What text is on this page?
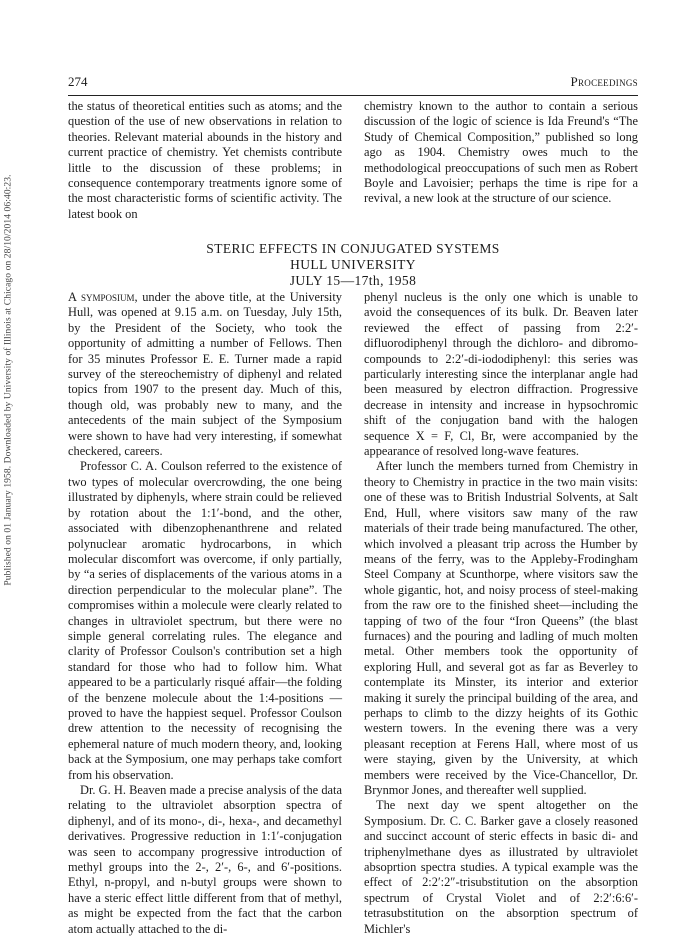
Published on 01 January 1958. Downloaded by University of Illinois at Chicago on 28/10/2014 06:40:23.
274	Proceedings

the status of theoretical entities such as atoms; and the question of the use of new observations in relation to theories. Relevant material abounds in the history and current practice of chemistry. Yet chemists contribute little to the discussion of these problems; in consequence contemporary treatments ignore some of the most characteristic forms of scientific activity. The latest book on

chemistry known to the author to contain a serious discussion of the logic of science is Ida Freund's “The Study of Chemical Composition,” published so long ago as 1904. Chemistry owes much to the methodological preoccupations of such men as Robert Boyle and Lavoisier; perhaps the time is ripe for a revival, a new look at the structure of our science.

STERIC EFFECTS IN CONJUGATED SYSTEMS
HULL UNIVERSITY
JULY 15—17th, 1958

A symposium, under the above title, at the University Hull, was opened at 9.15 a.m. on Tuesday, July 15th, by the President of the Society, who took the opportunity of admitting a number of Fellows. Then for 35 minutes Professor E. E. Turner made a rapid survey of the stereochemistry of diphenyl and related topics from 1907 to the present day. Much of this, though old, was probably new to many, and the antecedents of the main subject of the Symposium were shown to have had very interesting, if somewhat checkered, careers.

Professor C. A. Coulson referred to the existence of two types of molecular overcrowding, the one being illustrated by diphenyls, where strain could be relieved by rotation about the 1:1′-bond, and the other, associated with dibenzophenanthrene and related polynuclear aromatic hydrocarbons, in which molecular discomfort was overcome, if only partially, by “a series of displacements of the various atoms in a direction perpendicular to the molecular plane”. The compromises within a molecule were clearly related to changes in ultraviolet spectrum, but there were no simple general correlating rules. The elegance and clarity of Professor Coulson's contribution set a high standard for those who had to follow him. What appeared to be a particularly risqué affair—the folding of the benzene molecule about the 1:4-positions —proved to have the happiest sequel. Professor Coulson drew attention to the necessity of recognising the ephemeral nature of much modern theory, and, looking back at the Symposium, one may perhaps take comfort from his observation.

Dr. G. H. Beaven made a precise analysis of the data relating to the ultraviolet absorption spectra of diphenyl, and of its mono-, di-, hexa-, and decamethyl derivatives. Progressive reduction in 1:1′-conjugation was seen to accompany progressive introduction of methyl groups into the 2-, 2′-, 6-, and 6′-positions. Ethyl, n-propyl, and n-butyl groups were shown to have a steric effect little different from that of methyl, as might be expected from the fact that the carbon atom actually attached to the di-

phenyl nucleus is the only one which is unable to avoid the consequences of its bulk. Dr. Beaven later reviewed the effect of passing from 2:2′-difluorodiphenyl through the dichloro- and dibromo-compounds to 2:2′-di-iododiphenyl: this series was particularly interesting since the interplanar angle had been measured by electron diffraction. Progressive decrease in intensity and increase in hypsochromic shift of the conjugation band with the halogen sequence X = F, Cl, Br, were accompanied by the appearance of resolved long-wave features.

After lunch the members turned from Chemistry in theory to Chemistry in practice in the two main visits: one of these was to British Industrial Solvents, at Salt End, Hull, where visitors saw many of the raw materials of their trade being manufactured. The other, which involved a pleasant trip across the Humber by means of the ferry, was to the Appleby-Frodingham Steel Company at Scunthorpe, where visitors saw the whole gigantic, hot, and noisy process of steel-making from the raw ore to the finished sheet—including the tapping of two of the four “Iron Queens” (the blast furnaces) and the pouring and ladling of much molten metal. Other members took the opportunity of exploring Hull, and several got as far as Beverley to contemplate its Minster, its interior and exterior making it surely the principal building of the area, and perhaps to climb to the dizzy heights of its Gothic western towers. In the evening there was a very pleasant reception at Ferens Hall, where most of us were staying, given by the University, at which members were received by the Vice-Chancellor, Dr. Brynmor Jones, and thereafter well supplied.

The next day we spent altogether on the Symposium. Dr. C. C. Barker gave a closely reasoned and succinct account of steric effects in basic di- and triphenylmethane dyes as illustrated by ultraviolet absoprtion spectra studies. A typical example was the effect of 2:2′:2″-trisubstitution on the absorption spectrum of Crystal Violet and of 2:2′:6:6′-tetrasubstitution on the absorption spectrum of Michler's
